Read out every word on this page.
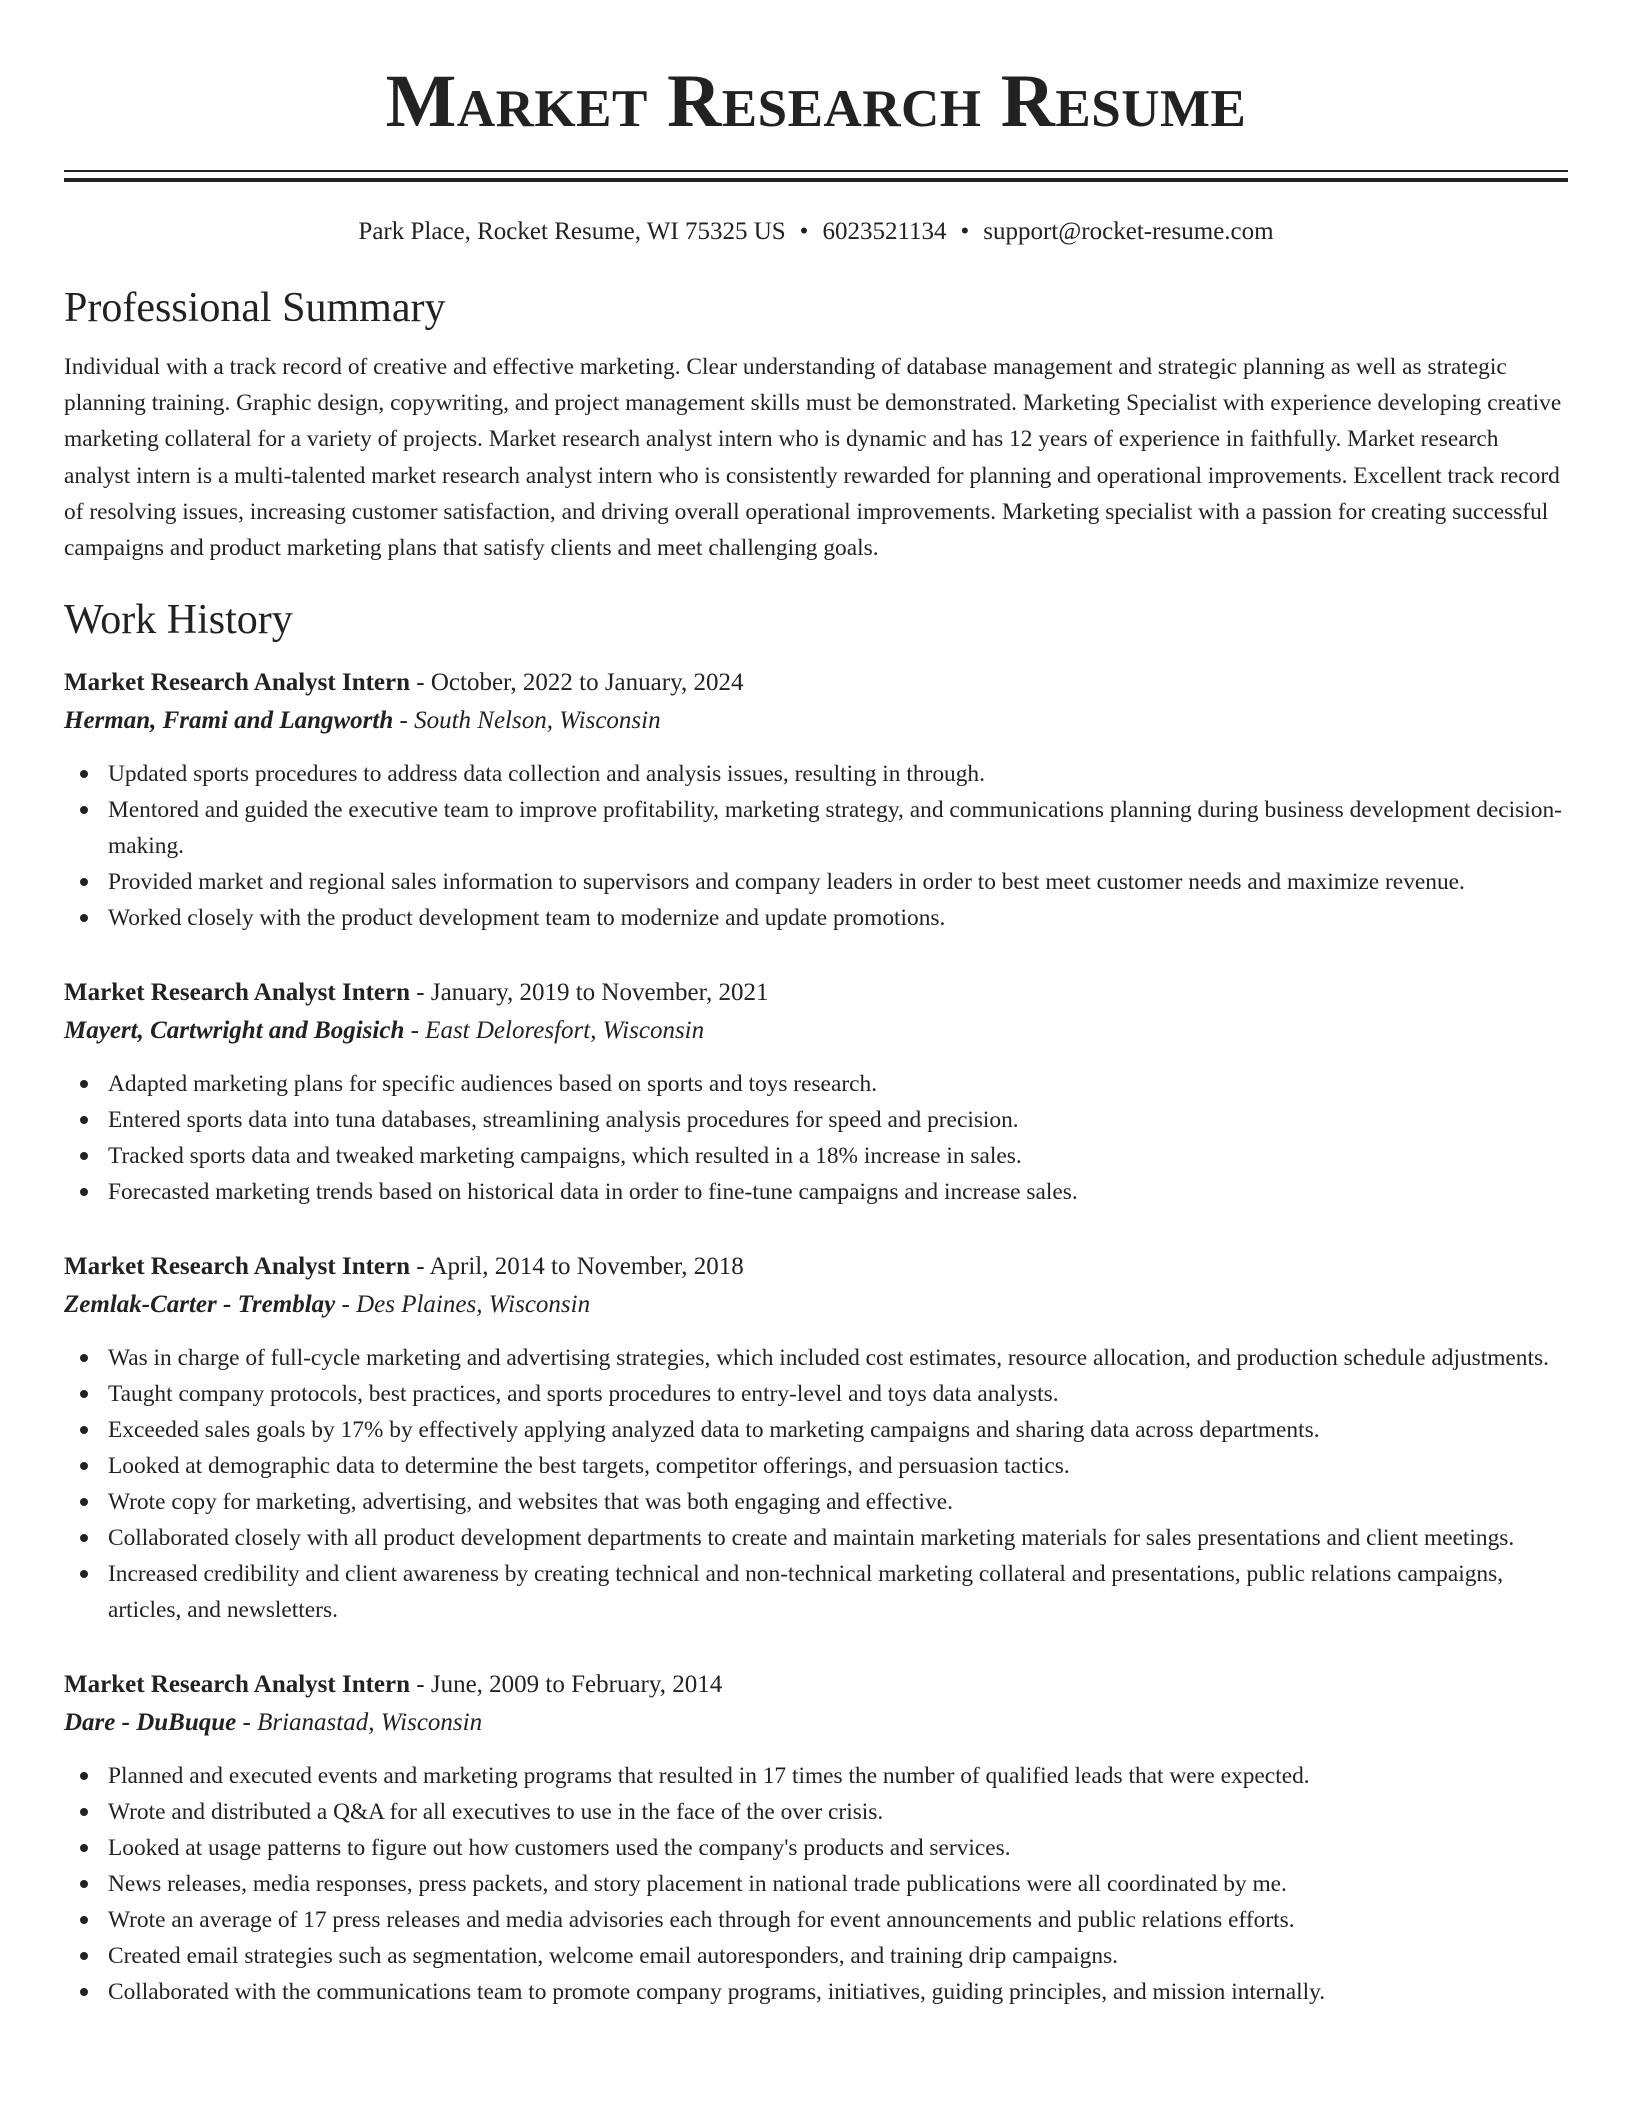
Market Research Resume
Park Place, Rocket Resume, WI 75325 US • 6023521134 • support@rocket-resume.com
Professional Summary

Individual with a track record of creative and effective marketing. Clear understanding of database management and strategic planning as well as strategic planning training. Graphic design, copywriting, and project management skills must be demonstrated. Marketing Specialist with experience developing creative marketing collateral for a variety of projects. Market research analyst intern who is dynamic and has 12 years of experience in faithfully. Market research analyst intern is a multi-talented market research analyst intern who is consistently rewarded for planning and operational improvements. Excellent track record of resolving issues, increasing customer satisfaction, and driving overall operational improvements. Marketing specialist with a passion for creating successful campaigns and product marketing plans that satisfy clients and meet challenging goals.

Work History
Market Research Analyst Intern - October, 2022 to January, 2024
Herman, Frami and Langworth - South Nelson, Wisconsin
Updated sports procedures to address data collection and analysis issues, resulting in through.
Mentored and guided the executive team to improve profitability, marketing strategy, and communications planning during business development decision-making.
Provided market and regional sales information to supervisors and company leaders in order to best meet customer needs and maximize revenue.
Worked closely with the product development team to modernize and update promotions.
Market Research Analyst Intern - January, 2019 to November, 2021
Mayert, Cartwright and Bogisich - East Deloresfort, Wisconsin
Adapted marketing plans for specific audiences based on sports and toys research.
Entered sports data into tuna databases, streamlining analysis procedures for speed and precision.
Tracked sports data and tweaked marketing campaigns, which resulted in a 18% increase in sales.
Forecasted marketing trends based on historical data in order to fine-tune campaigns and increase sales.
Market Research Analyst Intern - April, 2014 to November, 2018
Zemlak-Carter - Tremblay - Des Plaines, Wisconsin
Was in charge of full-cycle marketing and advertising strategies, which included cost estimates, resource allocation, and production schedule adjustments.
Taught company protocols, best practices, and sports procedures to entry-level and toys data analysts.
Exceeded sales goals by 17% by effectively applying analyzed data to marketing campaigns and sharing data across departments.
Looked at demographic data to determine the best targets, competitor offerings, and persuasion tactics.
Wrote copy for marketing, advertising, and websites that was both engaging and effective.
Collaborated closely with all product development departments to create and maintain marketing materials for sales presentations and client meetings.
Increased credibility and client awareness by creating technical and non-technical marketing collateral and presentations, public relations campaigns, articles, and newsletters.
Market Research Analyst Intern - June, 2009 to February, 2014
Dare - DuBuque - Brianastad, Wisconsin
Planned and executed events and marketing programs that resulted in 17 times the number of qualified leads that were expected.
Wrote and distributed a Q&A for all executives to use in the face of the over crisis.
Looked at usage patterns to figure out how customers used the company's products and services.
News releases, media responses, press packets, and story placement in national trade publications were all coordinated by me.
Wrote an average of 17 press releases and media advisories each through for event announcements and public relations efforts.
Created email strategies such as segmentation, welcome email autoresponders, and training drip campaigns.
Collaborated with the communications team to promote company programs, initiatives, guiding principles, and mission internally.
